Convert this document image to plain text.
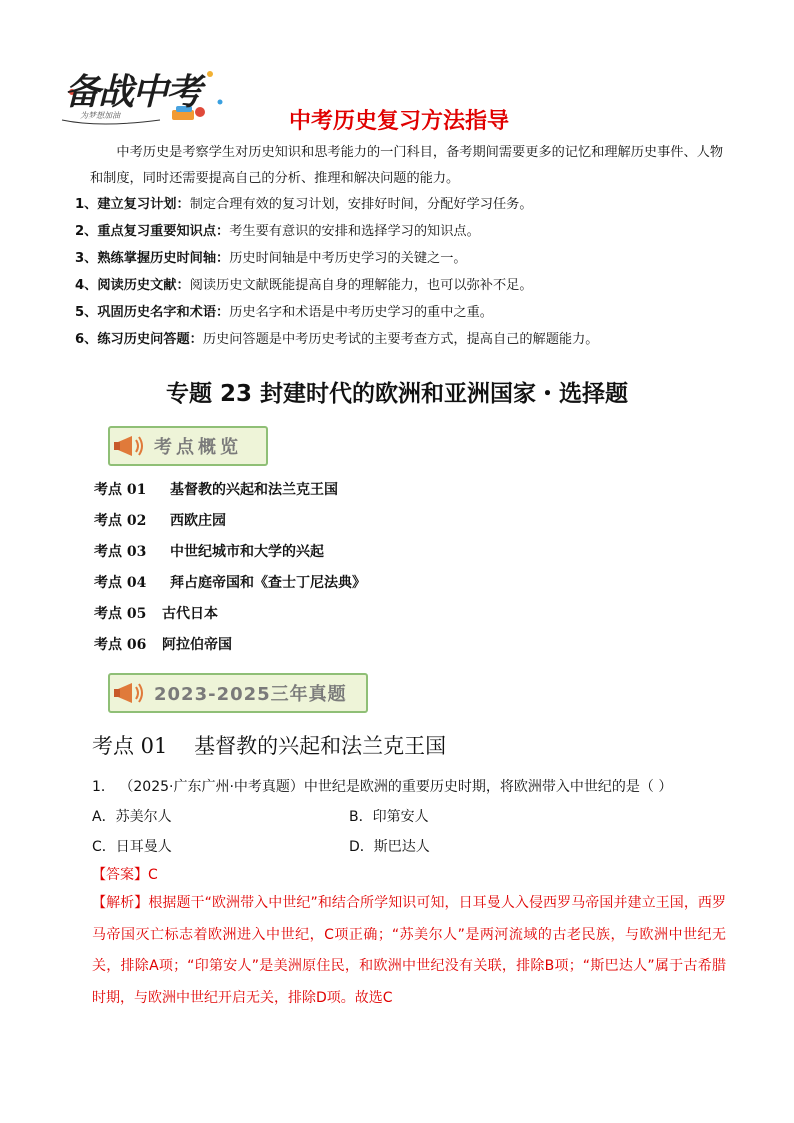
备战中考
为梦想加油	中考历史复习方法指导
中考历史是考察学生对历史知识和思考能力的一门科目，备考期间需要更多的记忆和理解历史事件、人物和制度，同时还需要提高自己的分析、推理和解决问题的能力。
1、建立复习计划：制定合理有效的复习计划，安排好时间，分配好学习任务。
2、重点复习重要知识点：考生要有意识的安排和选择学习的知识点。
3、熟练掌握历史时间轴：历史时间轴是中考历史学习的关键之一。
4、阅读历史文献：阅读历史文献既能提高自身的理解能力，也可以弥补不足。
5、巩固历史名字和术语：历史名字和术语是中考历史学习的重中之重。
6、练习历史问答题：历史问答题是中考历史考试的主要考查方式，提高自己的解题能力。
专题 23 封建时代的欧洲和亚洲国家・选择题
考点概览
考点 01 基督教的兴起和法兰克王国
考点 02 西欧庄园
考点 03 中世纪城市和大学的兴起
考点 04 拜占庭帝国和《查士丁尼法典》
考点 05 古代日本
考点 06 阿拉伯帝国
2023-2025三年真题
考点 01 基督教的兴起和法兰克王国
1． （2025·广东广州·中考真题）中世纪是欧洲的重要历史时期，将欧洲带入中世纪的是（ ）
A．苏美尔人	B．印第安人
C．日耳曼人	D．斯巴达人
【答案】C
【解析】根据题干“欧洲带入中世纪”和结合所学知识可知，日耳曼人入侵西罗马帝国并建立王国，西罗马帝国灭亡标志着欧洲进入中世纪，C项正确；“苏美尔人”是两河流域的古老民族，与欧洲中世纪无关，排除A项；“印第安人”是美洲原住民，和欧洲中世纪没有关联，排除B项；“斯巴达人”属于古希腊时期，与欧洲中世纪开启无关，排除D项。故选C
